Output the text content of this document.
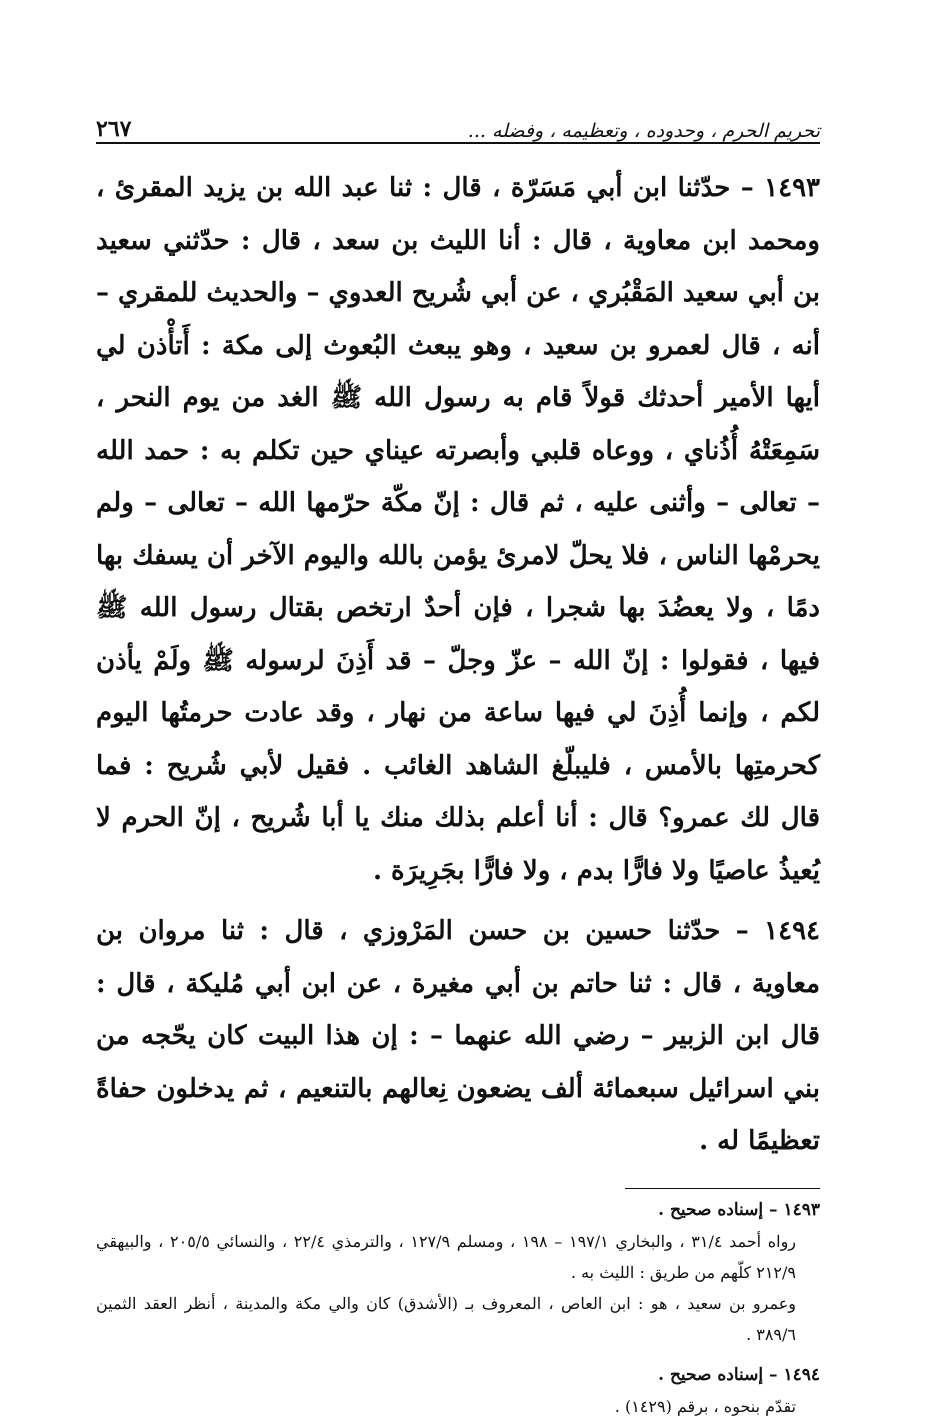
تحريم الحرم ، وحدوده ، وتعظيمه ، وفضله ...
٢٦٧

١٤٩٣ – حدّثنا ابن أبي مَسَرّة ، قال : ثنا عبد الله بن يزيد المقرئ ، ومحمد ابن معاوية ، قال : أنا الليث بن سعد ، قال : حدّثني سعيد بن أبي سعيد المَقْبُري ، عن أبي شُريح العدوي – والحديث للمقري – أنه ، قال لعمرو بن سعيد ، وهو يبعث البُعوث إلى مكة : أَتأْذن لي أيها الأمير أحدثك قولاً قام به رسول الله ﷺ الغد من يوم النحر ، سَمِعَتْهُ أُذُناي ، ووعاه قلبي وأبصرته عيناي حين تكلم به : حمد الله – تعالى – وأثنى عليه ، ثم قال : إنّ مكّة حرّمها الله – تعالى – ولم يحرمْها الناس ، فلا يحلّ لامرئ يؤمن بالله واليوم الآخر أن يسفك بها دمًا ، ولا يعضُدَ بها شجرا ، فإن أحدٌ ارتخص بقتال رسول الله ﷺ فيها ، فقولوا : إنّ الله – عزّ وجلّ – قد أَذِنَ لرسوله ﷺ ولَمْ يأذن لكم ، وإنما أُذِنَ لي فيها ساعة من نهار ، وقد عادت حرمتُها اليوم كحرمتِها بالأمس ، فليبلّغ الشاهد الغائب . فقيل لأبي شُريح : فما قال لك عمرو؟ قال : أنا أعلم بذلك منك يا أبا شُريح ، إنّ الحرم لا يُعيذُ عاصيًا ولا فارًّا بدم ، ولا فارًّا بجَرِيرَة .

١٤٩٤ – حدّثنا حسين بن حسن المَرْوزي ، قال : ثنا مروان بن معاوية ، قال : ثنا حاتم بن أبي مغيرة ، عن ابن أبي مُليكة ، قال : قال ابن الزبير – رضي الله عنهما – : إن هذا البيت كان يحّجه من بني اسرائيل سبعمائة ألف يضعون نِعالهم بالتنعيم ، ثم يدخلون حفاةً تعظيمًا له .

١٤٩٣ – إسناده صحيح .

رواه أحمد ٣١/٤ ، والبخاري ١٩٧/١ – ١٩٨ ، ومسلم ١٢٧/٩ ، والترمذي ٢٢/٤ ، والنسائي ٢٠٥/٥ ، والبيهقي ٢١٢/٩ كلّهم من طريق : الليث به .

وعمرو بن سعيد ، هو : ابن العاص ، المعروف بـ (الأشدق) كان والي مكة والمدينة ، أنظر العقد الثمين ٣٨٩/٦ .

١٤٩٤ – إسناده صحيح .

تقدّم بنحوه ، برقم (١٤٢٩) .
